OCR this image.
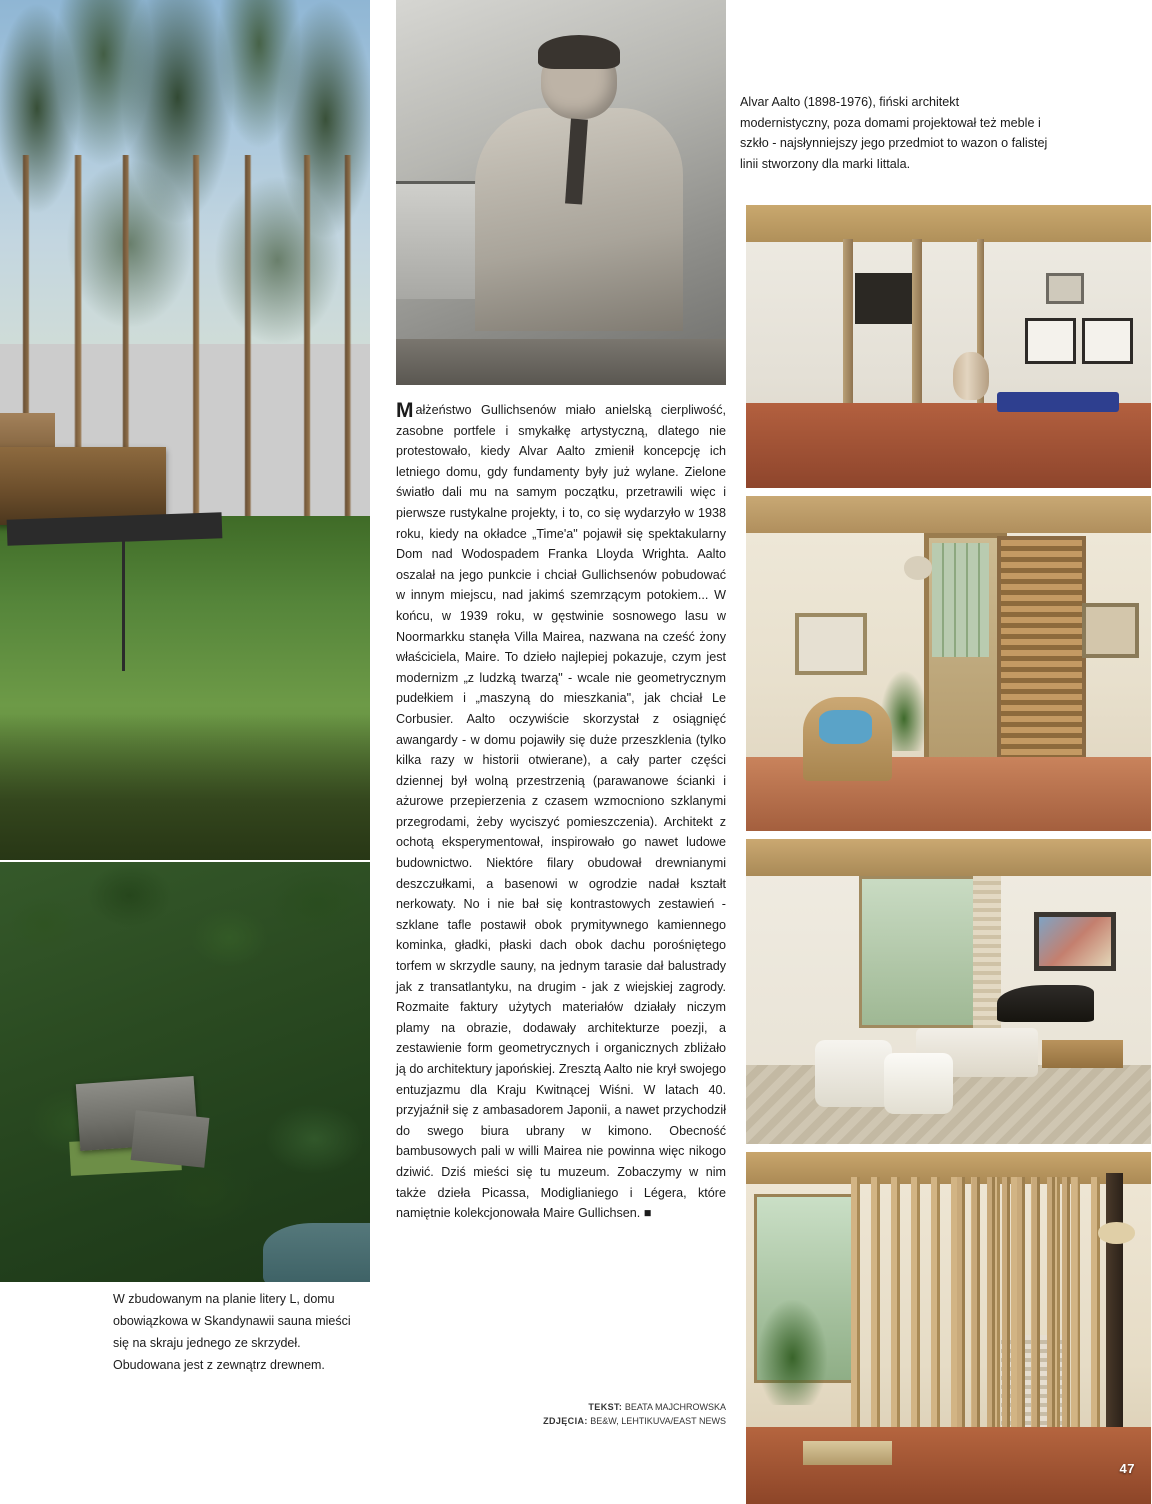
W zbudowanym na planie litery L, domu obowiązkowa w Skandynawii sauna mieści się na skraju jednego ze skrzydeł. Obudowana jest z zewnątrz drewnem.
Małżeństwo Gullichsenów miało anielską cierpliwość, zasobne portfele i smykałkę artystyczną, dlatego nie protestowało, kiedy Alvar Aalto zmienił koncepcję ich letniego domu, gdy fundamenty były już wylane. Zielone światło dali mu na samym początku, przetrawili więc i pierwsze rustykalne projekty, i to, co się wydarzyło w 1938 roku, kiedy na okładce „Time'a" pojawił się spektakularny Dom nad Wodospadem Franka Lloyda Wrighta. Aalto oszalał na jego punkcie i chciał Gullichsenów pobudować w innym miejscu, nad jakimś szemrzącym potokiem... W końcu, w 1939 roku, w gęstwinie sosnowego lasu w Noormarkku stanęła Villa Mairea, nazwana na cześć żony właściciela, Maire. To dzieło najlepiej pokazuje, czym jest modernizm „z ludzką twarzą" - wcale nie geometrycznym pudełkiem i „maszyną do mieszkania", jak chciał Le Corbusier. Aalto oczywiście skorzystał z osiągnięć awangardy - w domu pojawiły się duże przeszklenia (tylko kilka razy w historii otwierane), a cały parter części dziennej był wolną przestrzenią (parawanowe ścianki i ażurowe przepierzenia z czasem wzmocniono szklanymi przegrodami, żeby wyciszyć pomieszczenia). Architekt z ochotą eksperymentował, inspirowało go nawet ludowe budownictwo. Niektóre filary obudował drewnianymi deszczułkami, a basenowi w ogrodzie nadał kształt nerkowaty. No i nie bał się kontrastowych zestawień - szklane tafle postawił obok prymitywnego kamiennego kominka, gładki, płaski dach obok dachu porośniętego torfem w skrzydle sauny, na jednym tarasie dał balustrady jak z transatlantyku, na drugim - jak z wiejskiej zagrody. Rozmaite faktury użytych materiałów działały niczym plamy na obrazie, dodawały architekturze poezji, a zestawienie form geometrycznych i organicznych zbliżało ją do architektury japońskiej. Zresztą Aalto nie krył swojego entuzjazmu dla Kraju Kwitnącej Wiśni. W latach 40. przyjaźnił się z ambasadorem Japonii, a nawet przychodził do swego biura ubrany w kimono. Obecność bambusowych pali w willi Mairea nie powinna więc nikogo dziwić. Dziś mieści się tu muzeum. Zobaczymy w nim także dzieła Picassa, Modiglianiego i Légera, które namiętnie kolekcjonowała Maire Gullichsen. ■
TEKST: BEATA MAJCHROWSKA
ZDJĘCIA: BE&W, LEHTIKUVA/EAST NEWS
Alvar Aalto (1898-1976), fiński architekt modernistyczny, poza domami projektował też meble i szkło - najsłynniejszy jego przedmiot to wazon o falistej linii stworzony dla marki Iittala.
47
